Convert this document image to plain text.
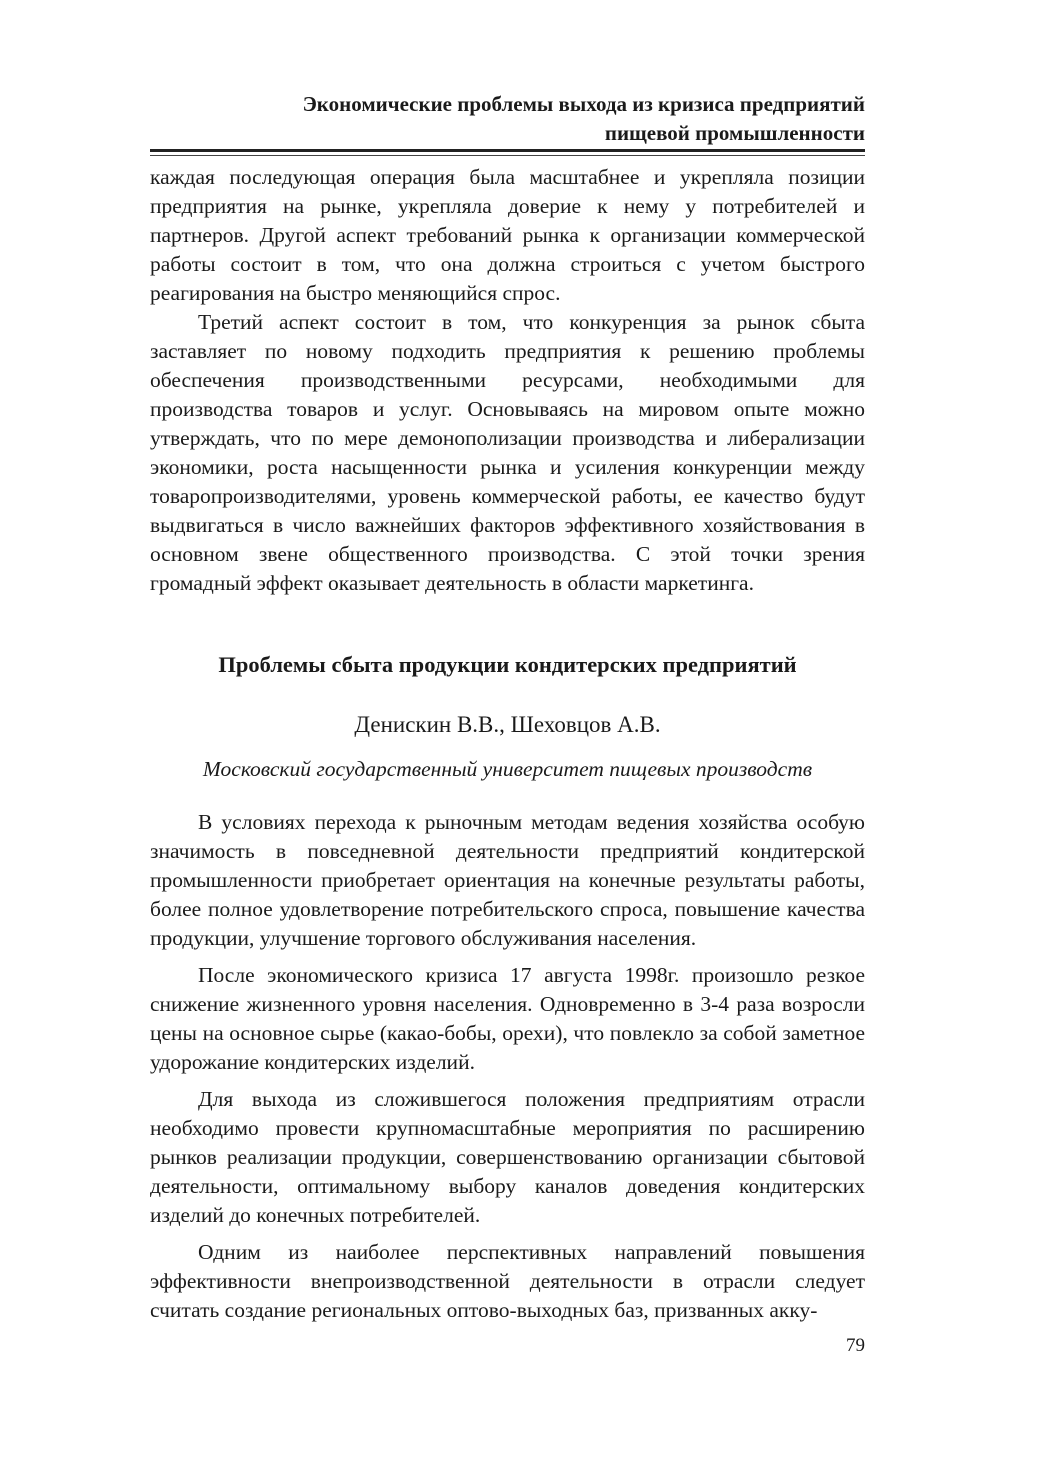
Экономические проблемы выхода из кризиса предприятий
пищевой промышленности

каждая последующая операция была масштабнее и укрепляла позиции предприятия на рынке, укрепляла доверие к нему у потребителей и партнеров. Другой аспект требований рынка к организации коммерческой работы состоит в том, что она должна строиться с учетом быстрого реагирования на быстро меняющийся спрос.

Третий аспект состоит в том, что конкуренция за рынок сбыта заставляет по новому подходить предприятия к решению проблемы обеспечения производственными ресурсами, необходимыми для производства товаров и услуг. Основываясь на мировом опыте можно утверждать, что по мере демонополизации производства и либерализации экономики, роста насыщенности рынка и усиления конкуренции между товаропроизводителями, уровень коммерческой работы, ее качество будут выдвигаться в число важнейших факторов эффективного хозяйствования в основном звене общественного производства. С этой точки зрения громадный эффект оказывает деятельность в области маркетинга.

Проблемы сбыта продукции кондитерских предприятий

Денискин В.В., Шеховцов А.В.

Московский государственный университет пищевых производств

В условиях перехода к рыночным методам ведения хозяйства особую значимость в повседневной деятельности предприятий кондитерской промышленности приобретает ориентация на конечные результаты работы, более полное удовлетворение потребительского спроса, повышение качества продукции, улучшение торгового обслуживания населения.

После экономического кризиса 17 августа 1998г. произошло резкое снижение жизненного уровня населения. Одновременно в 3-4 раза возросли цены на основное сырье (какао-бобы, орехи), что повлекло за собой заметное удорожание кондитерских изделий.

Для выхода из сложившегося положения предприятиям отрасли необходимо провести крупномасштабные мероприятия по расширению рынков реализации продукции, совершенствованию организации сбытовой деятельности, оптимальному выбору каналов доведения кондитерских изделий до конечных потребителей.

Одним из наиболее перспективных направлений повышения эффективности внепроизводственной деятельности в отрасли следует считать создание региональных оптово-выходных баз, призванных акку-

79
